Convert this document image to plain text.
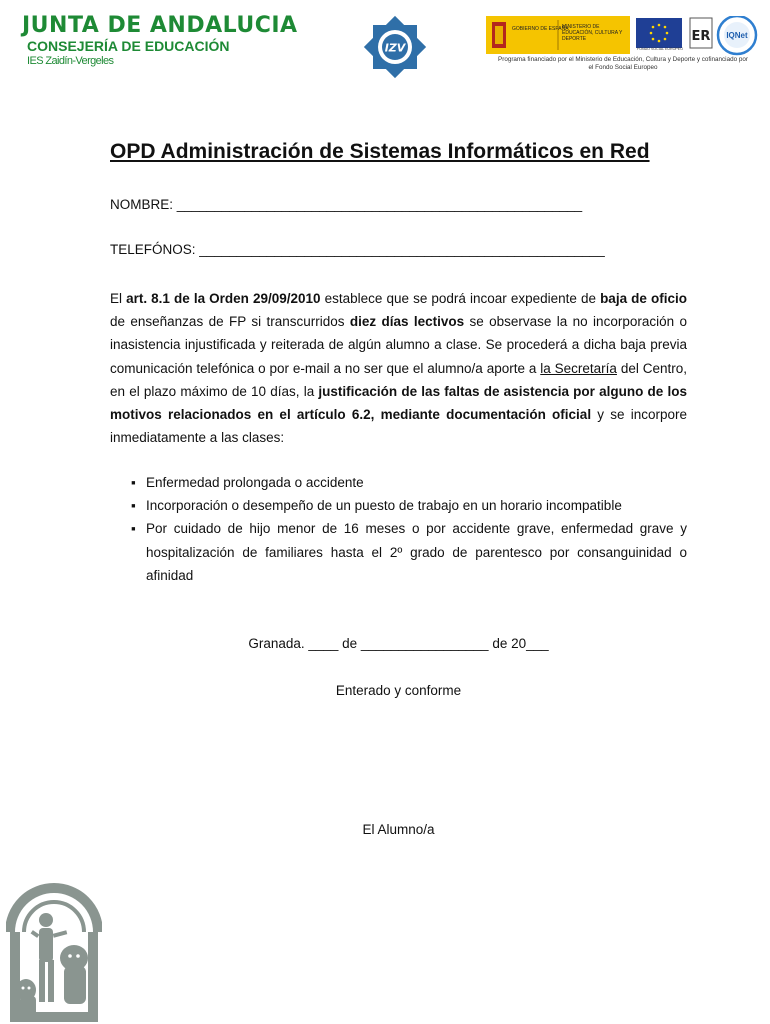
JUNTA DE ANDALUCIA
CONSEJERÍA DE EDUCACIÓN
IES Zaidín-Vergeles
IZV
GOBIERNO DE ESPAÑA
MINISTERIO DE EDUCACIÓN, CULTURA Y DEPORTE
FONDO SOCIAL EUROPEO
ER IQNet
Programa financiado por el Ministerio de Educación, Cultura y Deporte y cofinanciado por el Fondo Social Europeo
OPD Administración de Sistemas Informáticos en Red
NOMBRE: ______________________________________________________
TELEFÓNOS: ______________________________________________________
El art. 8.1 de la Orden 29/09/2010 establece que se podrá incoar expediente de baja de oficio de enseñanzas de FP si transcurridos diez días lectivos se observase la no incorporación o inasistencia injustificada y reiterada de algún alumno a clase. Se procederá a dicha baja previa comunicación telefónica o por e-mail a no ser que el alumno/a aporte a la Secretaría del Centro, en el plazo máximo de 10 días, la justificación de las faltas de asistencia por alguno de los motivos relacionados en el artículo 6.2, mediante documentación oficial y se incorpore inmediatamente a las clases:
▪ Enfermedad prolongada o accidente
▪ Incorporación o desempeño de un puesto de trabajo en un horario incompatible
▪ Por cuidado de hijo menor de 16 meses o por accidente grave, enfermedad grave y hospitalización de familiares hasta el 2º grado de parentesco por consanguinidad o afinidad
Granada. ____ de _________________ de 20___
Enterado y conforme
El Alumno/a
